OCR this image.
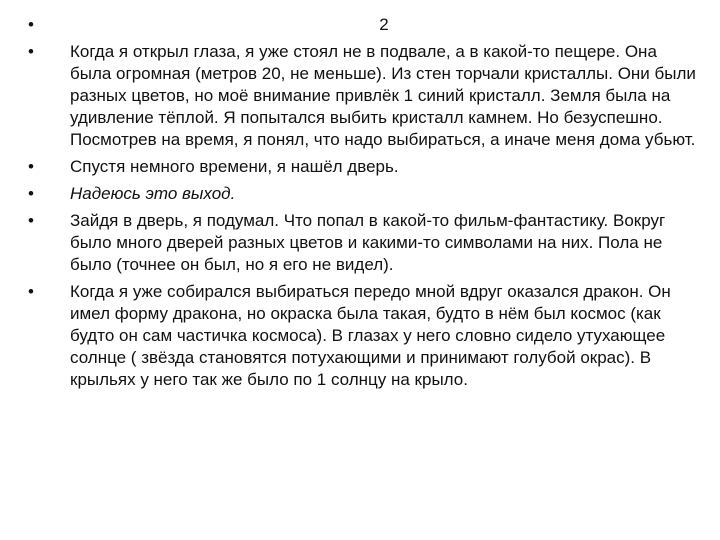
•	2
•	Когда я открыл глаза, я уже стоял не в подвале, а в какой-то пещере. Она была огромная (метров 20, не меньше). Из стен торчали кристаллы. Они были разных цветов, но моё внимание привлёк 1 синий кристалл. Земля была на удивление тёплой. Я попытался выбить кристалл камнем. Но безуспешно. Посмотрев на время, я понял, что надо выбираться, а иначе меня дома убьют.
•	Спустя немного времени, я нашёл дверь.
•	Надеюсь это выход.
•	Зайдя в дверь, я подумал. Что попал в какой-то фильм-фантастику. Вокруг было много дверей разных цветов и какими-то символами на них. Пола не было (точнее он был, но я его не видел).
•	Когда я уже собирался выбираться передо мной вдруг оказался дракон. Он имел форму дракона, но окраска была такая, будто в нём был космос (как будто он сам частичка космоса). В глазах у него словно сидело утухающее солнце ( звёзда становятся потухающими и принимают голубой окрас). В крыльях у него так же было по 1 солнцу на крыло.
